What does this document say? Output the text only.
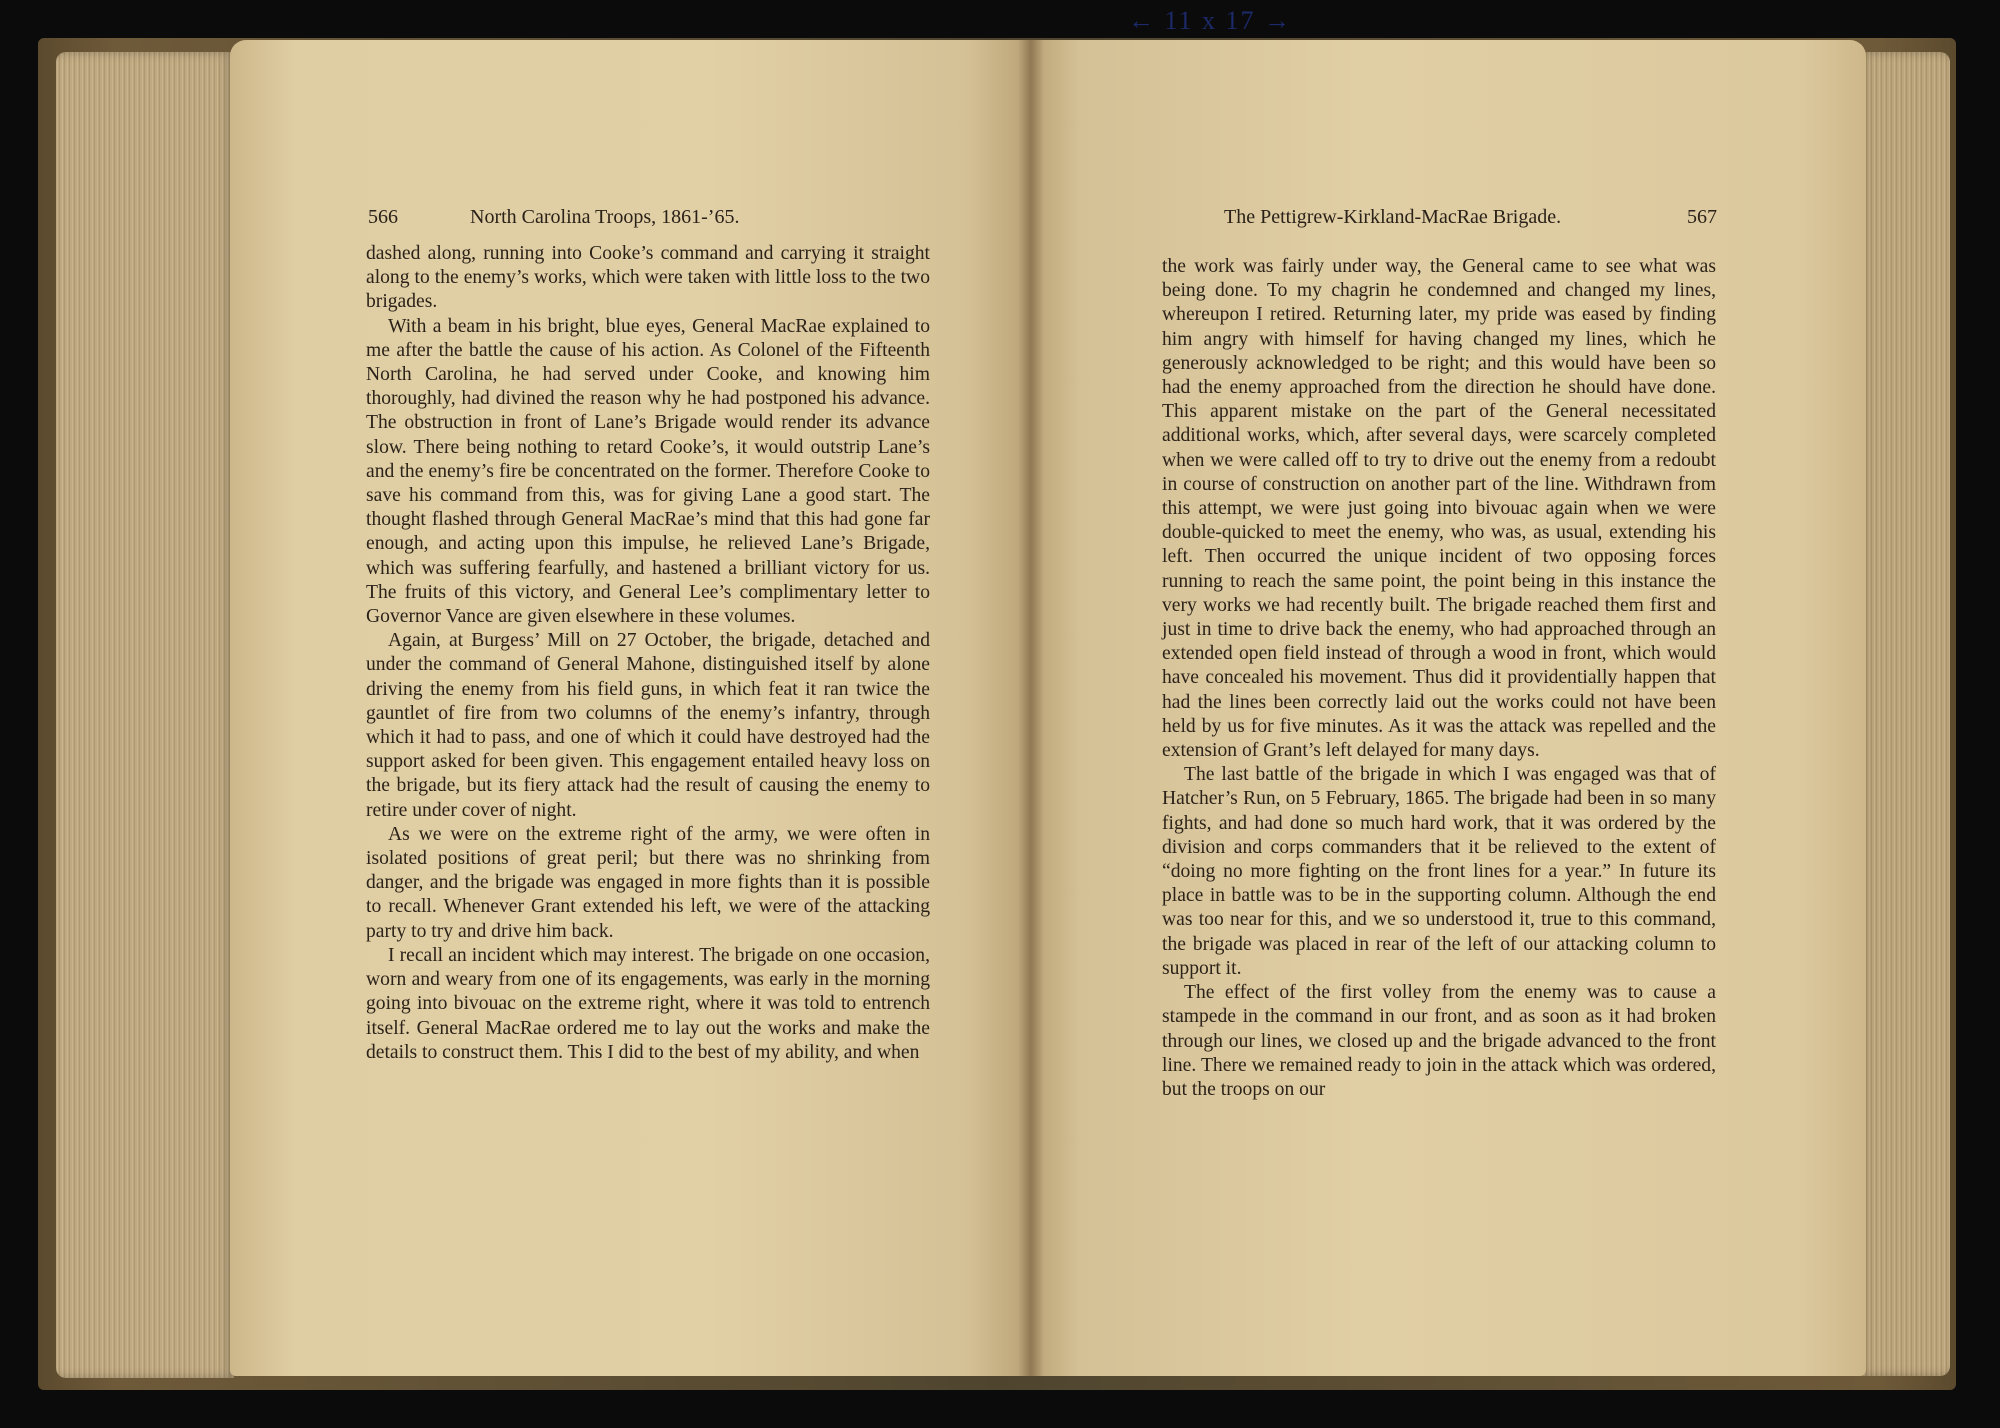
← 11 x 17 →
566	North Carolina Troops, 1861-’65.	The Pettigrew-Kirkland-MacRae Brigade.	567

dashed along, running into Cooke’s command and carrying it straight along to the enemy’s works, which were taken with little loss to the two brigades.

With a beam in his bright, blue eyes, General MacRae explained to me after the battle the cause of his action. As Colonel of the Fifteenth North Carolina, he had served under Cooke, and knowing him thoroughly, had divined the reason why he had postponed his advance. The obstruction in front of Lane’s Brigade would render its advance slow. There being nothing to retard Cooke’s, it would outstrip Lane’s and the enemy’s fire be concentrated on the former. Therefore Cooke to save his command from this, was for giving Lane a good start. The thought flashed through General MacRae’s mind that this had gone far enough, and acting upon this impulse, he relieved Lane’s Brigade, which was suffering fearfully, and hastened a brilliant victory for us. The fruits of this victory, and General Lee’s complimentary letter to Governor Vance are given elsewhere in these volumes.

Again, at Burgess’ Mill on 27 October, the brigade, detached and under the command of General Mahone, distinguished itself by alone driving the enemy from his field guns, in which feat it ran twice the gauntlet of fire from two columns of the enemy’s infantry, through which it had to pass, and one of which it could have destroyed had the support asked for been given. This engagement entailed heavy loss on the brigade, but its fiery attack had the result of causing the enemy to retire under cover of night.

As we were on the extreme right of the army, we were often in isolated positions of great peril; but there was no shrinking from danger, and the brigade was engaged in more fights than it is possible to recall. Whenever Grant extended his left, we were of the attacking party to try and drive him back.

I recall an incident which may interest. The brigade on one occasion, worn and weary from one of its engagements, was early in the morning going into bivouac on the extreme right, where it was told to entrench itself. General MacRae ordered me to lay out the works and make the details to construct them. This I did to the best of my ability, and when

the work was fairly under way, the General came to see what was being done. To my chagrin he condemned and changed my lines, whereupon I retired. Returning later, my pride was eased by finding him angry with himself for having changed my lines, which he generously acknowledged to be right; and this would have been so had the enemy approached from the direction he should have done. This apparent mistake on the part of the General necessitated additional works, which, after several days, were scarcely completed when we were called off to try to drive out the enemy from a redoubt in course of construction on another part of the line. Withdrawn from this attempt, we were just going into bivouac again when we were double-quicked to meet the enemy, who was, as usual, extending his left. Then occurred the unique incident of two opposing forces running to reach the same point, the point being in this instance the very works we had recently built. The brigade reached them first and just in time to drive back the enemy, who had approached through an extended open field instead of through a wood in front, which would have concealed his movement. Thus did it providentially happen that had the lines been correctly laid out the works could not have been held by us for five minutes. As it was the attack was repelled and the extension of Grant’s left delayed for many days.

The last battle of the brigade in which I was engaged was that of Hatcher’s Run, on 5 February, 1865. The brigade had been in so many fights, and had done so much hard work, that it was ordered by the division and corps commanders that it be relieved to the extent of “doing no more fighting on the front lines for a year.” In future its place in battle was to be in the supporting column. Although the end was too near for this, and we so understood it, true to this command, the brigade was placed in rear of the left of our attacking column to support it.

The effect of the first volley from the enemy was to cause a stampede in the command in our front, and as soon as it had broken through our lines, we closed up and the brigade advanced to the front line. There we remained ready to join in the attack which was ordered, but the troops on our
